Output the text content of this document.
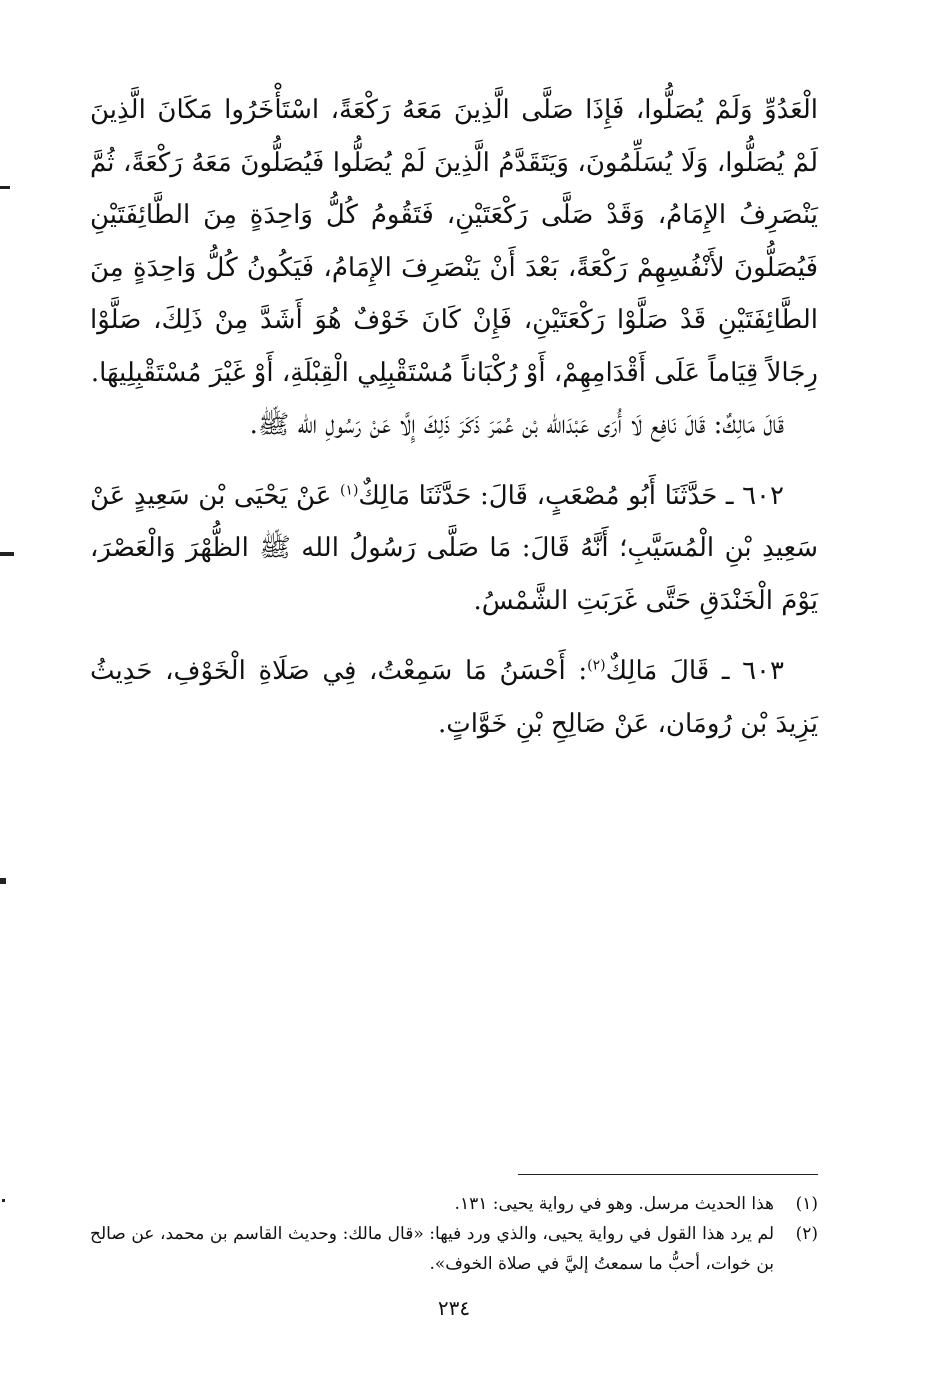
الْعَدُوِّ وَلَمْ يُصَلُّوا، فَإِذَا صَلَّى الَّذِينَ مَعَهُ رَكْعَةً، اسْتَأْخَرُوا مَكَانَ الَّذِينَ لَمْ يُصَلُّوا، وَلَا يُسَلِّمُونَ، وَيَتَقَدَّمُ الَّذِينَ لَمْ يُصَلُّوا فَيُصَلُّونَ مَعَهُ رَكْعَةً، ثُمَّ يَنْصَرِفُ الإِمَامُ، وَقَدْ صَلَّى رَكْعَتَيْنِ، فَتَقُومُ كُلُّ وَاحِدَةٍ مِنَ الطَّائِفَتَيْنِ فَيُصَلُّونَ لأَنْفُسِهِمْ رَكْعَةً، بَعْدَ أَنْ يَنْصَرِفَ الإِمَامُ، فَيَكُونُ كُلُّ وَاحِدَةٍ مِنَ الطَّائِفَتَيْنِ قَدْ صَلَّوْا رَكْعَتَيْنِ، فَإِنْ كَانَ خَوْفٌ هُوَ أَشَدَّ مِنْ ذَلِكَ، صَلَّوْا رِجَالاً قِيَاماً عَلَى أَقْدَامِهِمْ، أَوْ رُكْبَاناً مُسْتَقْبِلِي الْقِبْلَةِ، أَوْ غَيْرَ مُسْتَقْبِلِيهَا.

قَالَ مَالِكٌ: قَالَ نَافِع لَا أُرَى عَبْدَالله بْن عُمَرَ ذَكَرَ ذَلِكَ إِلَّا عَنْ رَسُولِ الله ﷺ.

٦٠٢ ـ حَدَّثَنَا أَبُو مُصْعَبٍ، قَالَ: حَدَّثَنَا مَالِكٌ$^{(١)}$ عَنْ يَحْيَى بْن سَعِيدٍ عَنْ سَعِيدِ بْنِ الْمُسَيَّبِ؛ أَنَّهُ قَالَ: مَا صَلَّى رَسُولُ الله ﷺ الظُّهْرَ وَالْعَصْرَ، يَوْمَ الْخَنْدَقِ حَتَّى غَرَبَتِ الشَّمْسُ.

٦٠٣ ـ قَالَ مَالِكٌ$^{(٢)}$: أَحْسَنُ مَا سَمِعْتُ، فِي صَلَاةِ الْخَوْفِ، حَدِيثُ يَزِيدَ بْن رُومَان، عَنْ صَالِحِ بْنِ خَوَّاتٍ.

(١)
هذا الحديث مرسل. وهو في رواية يحيى: ١٣١.
(٢)
لم يرد هذا القول في رواية يحيى، والذي ورد فيها: «قال مالك: وحديث القاسم بن محمد، عن صالح بن خوات، أحبُّ ما سمعتُ إليَّ في صلاة الخوف».
٢٣٤
